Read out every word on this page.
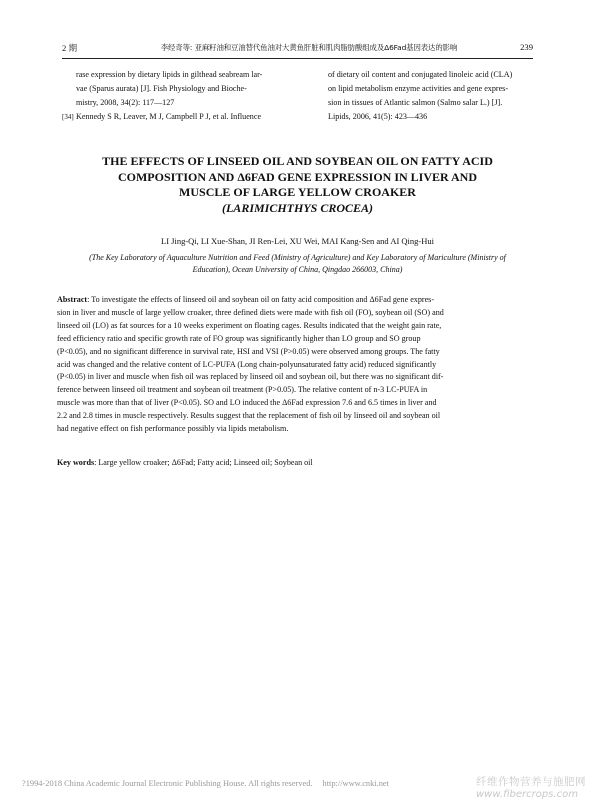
2 期	李经奇等: 亚麻籽油和豆油替代鱼油对大黄鱼肝脏和肌肉脂肪酸组成及Δ6Fad基因表达的影响	239
rase expression by dietary lipids in gilthead seabream lar-
vae (Sparus aurata) [J]. Fish Physiology and Bioche-
mistry, 2008, 34(2): 117—127
[34] Kennedy S R, Leaver, M J, Campbell P J, et al. Influence
of dietary oil content and conjugated linoleic acid (CLA)
on lipid metabolism enzyme activities and gene expres-
sion in tissues of Atlantic salmon (Salmo salar L.) [J].
Lipids, 2006, 41(5): 423—436
THE EFFECTS OF LINSEED OIL AND SOYBEAN OIL ON FATTY ACID
COMPOSITION AND Δ6FAD GENE EXPRESSION IN LIVER AND
MUSCLE OF LARGE YELLOW CROAKER
(LARIMICHTHYS CROCEA)
LI Jing-Qi, LI Xue-Shan, JI Ren-Lei, XU Wei, MAI Kang-Sen and AI Qing-Hui
(The Key Laboratory of Aquaculture Nutrition and Feed (Ministry of Agriculture) and Key Laboratory of Mariculture (Ministry of
Education), Ocean University of China, Qingdao 266003, China)
Abstract: To investigate the effects of linseed oil and soybean oil on fatty acid composition and Δ6Fad gene expres-
sion in liver and muscle of large yellow croaker, three defined diets were made with fish oil (FO), soybean oil (SO) and
linseed oil (LO) as fat sources for a 10 weeks experiment on floating cages. Results indicated that the weight gain rate,
feed efficiency ratio and specific growth rate of FO group was significantly higher than LO group and SO group
(P<0.05), and no significant difference in survival rate, HSI and VSI (P>0.05) were observed among groups. The fatty
acid was changed and the relative content of LC-PUFA (Long chain-polyunsaturated fatty acid) reduced significantly
(P<0.05) in liver and muscle when fish oil was replaced by linseed oil and soybean oil, but there was no significant dif-
ference between linseed oil treatment and soybean oil treatment (P>0.05). The relative content of n-3 LC-PUFA in
muscle was more than that of liver (P<0.05). SO and LO induced the Δ6Fad expression 7.6 and 6.5 times in liver and
2.2 and 2.8 times in muscle respectively. Results suggest that the replacement of fish oil by linseed oil and soybean oil
had negative effect on fish performance possibly via lipids metabolism.
Key words: Large yellow croaker; Δ6Fad; Fatty acid; Linseed oil; Soybean oil
?1994-2018 China Academic Journal Electronic Publishing House. All rights reserved. http://www.cnki.net	纤维作物营养与施肥网
www.fibercrops.com
